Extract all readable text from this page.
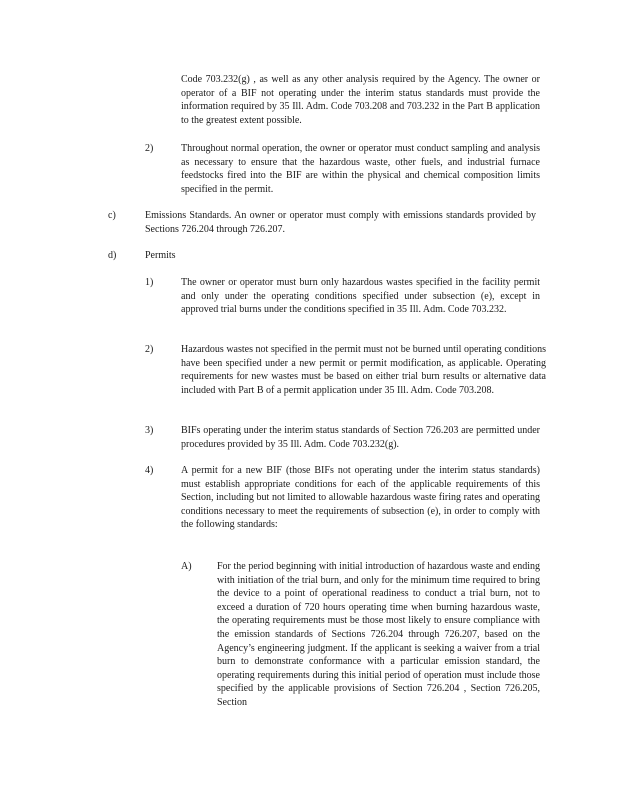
Code 703.232(g) , as well as any other analysis required by the Agency. The owner or operator of a BIF not operating under the interim status standards must provide the information required by 35 Ill. Adm. Code 703.208 and 703.232 in the Part B application to the greatest extent possible.

2)	Throughout normal operation, the owner or operator must conduct sampling and analysis as necessary to ensure that the hazardous waste, other fuels, and industrial furnace feedstocks fired into the BIF are within the physical and chemical composition limits specified in the permit.

c)	Emissions Standards. An owner or operator must comply with emissions standards provided by Sections 726.204 through 726.207.

d)	Permits

1)	The owner or operator must burn only hazardous wastes specified in the facility permit and only under the operating conditions specified under subsection (e), except in approved trial burns under the conditions specified in 35 Ill. Adm. Code 703.232.

2)	Hazardous wastes not specified in the permit must not be burned until operating conditions have been specified under a new permit or permit modification, as applicable. Operating requirements for new wastes must be based on either trial burn results or alternative data included with Part B of a permit application under 35 Ill. Adm. Code 703.208.

3)	BIFs operating under the interim status standards of Section 726.203 are permitted under procedures provided by 35 Ill. Adm. Code 703.232(g).

4)	A permit for a new BIF (those BIFs not operating under the interim status standards) must establish appropriate conditions for each of the applicable requirements of this Section, including but not limited to allowable hazardous waste firing rates and operating conditions necessary to meet the requirements of subsection (e), in order to comply with the following standards:

A)	For the period beginning with initial introduction of hazardous waste and ending with initiation of the trial burn, and only for the minimum time required to bring the device to a point of operational readiness to conduct a trial burn, not to exceed a duration of 720 hours operating time when burning hazardous waste, the operating requirements must be those most likely to ensure compliance with the emission standards of Sections 726.204 through 726.207, based on the Agency’s engineering judgment. If the applicant is seeking a waiver from a trial burn to demonstrate conformance with a particular emission standard, the operating requirements during this initial period of operation must include those specified by the applicable provisions of Section 726.204 , Section 726.205, Section
